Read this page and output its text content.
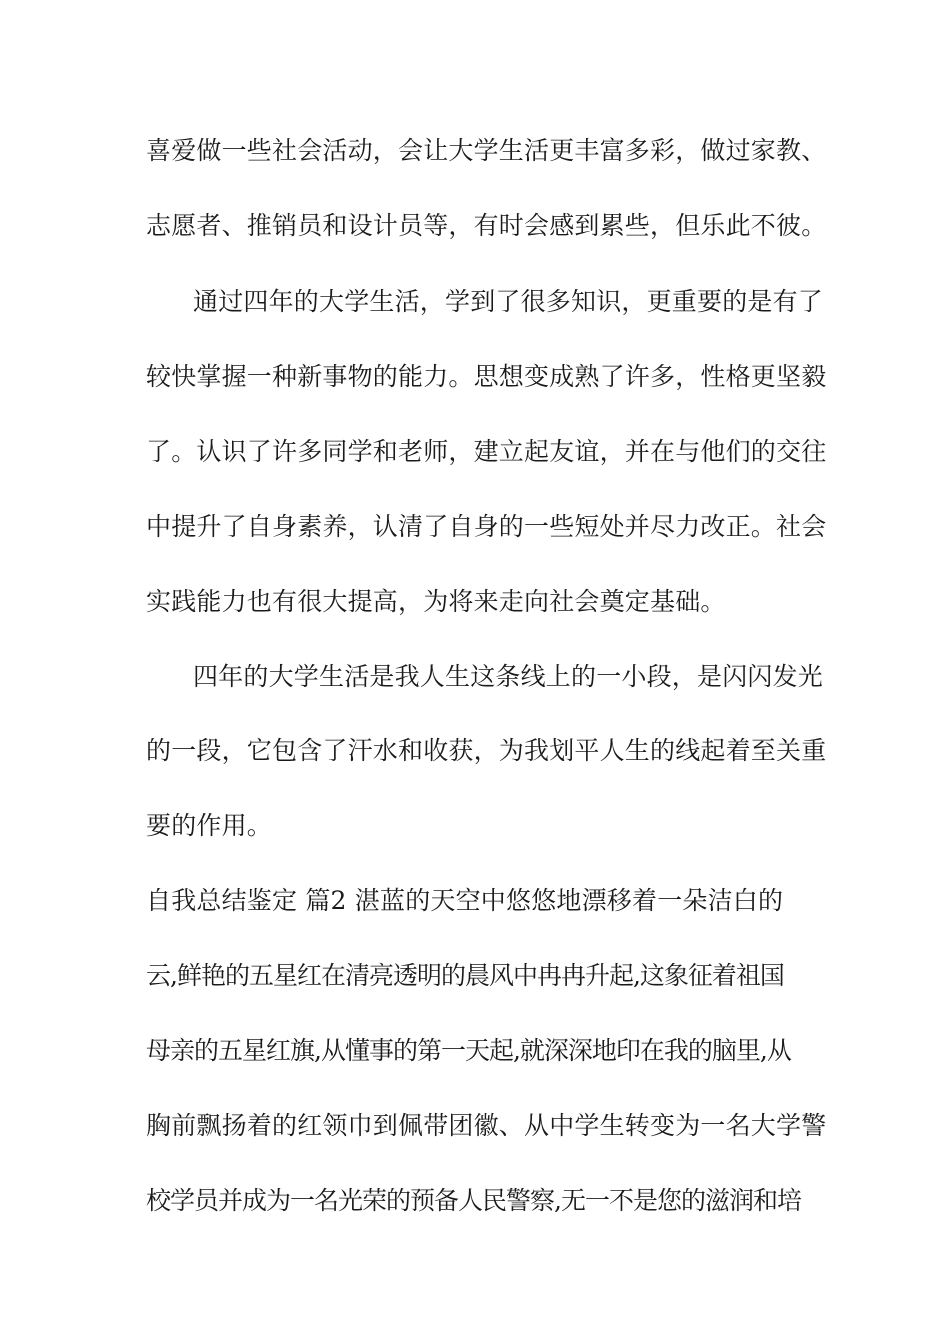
喜爱做一些社会活动，会让大学生活更丰富多彩，做过家教、
志愿者、推销员和设计员等，有时会感到累些，但乐此不彼。
通过四年的大学生活，学到了很多知识，更重要的是有了
较快掌握一种新事物的能力。思想变成熟了许多，性格更坚毅
了。认识了许多同学和老师，建立起友谊，并在与他们的交往
中提升了自身素养，认清了自身的一些短处并尽力改正。社会
实践能力也有很大提高，为将来走向社会奠定基础。
四年的大学生活是我人生这条线上的一小段，是闪闪发光
的一段，它包含了汗水和收获，为我划平人生的线起着至关重
要的作用。
自我总结鉴定 篇2 湛蓝的天空中悠悠地漂移着一朵洁白的
云,鲜艳的五星红在清亮透明的晨风中冉冉升起,这象征着祖国
母亲的五星红旗,从懂事的第一天起,就深深地印在我的脑里,从
胸前飘扬着的红领巾到佩带团徽、从中学生转变为一名大学警
校学员并成为一名光荣的预备人民警察,无一不是您的滋润和培
